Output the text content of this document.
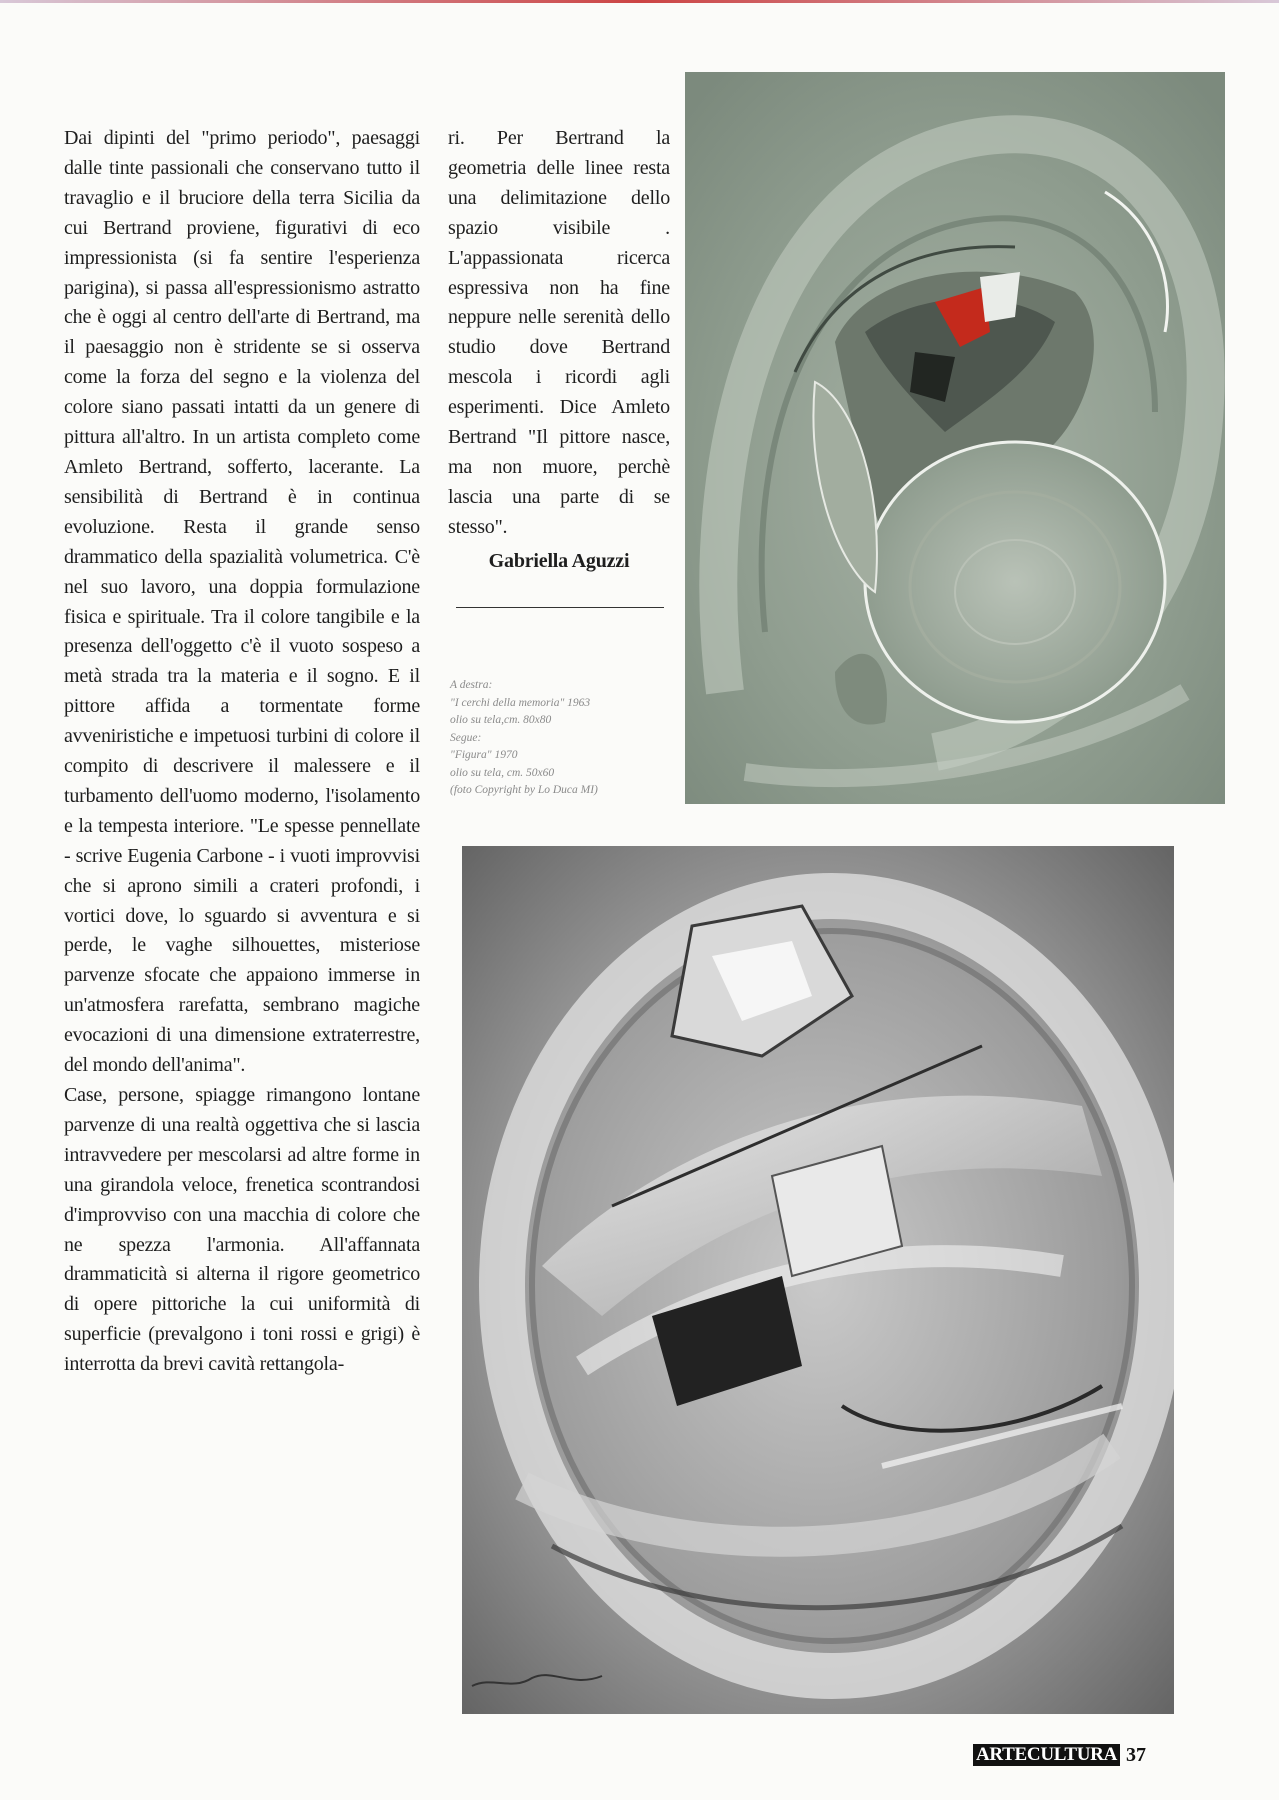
Dai dipinti del "primo periodo", paesaggi dalle tinte passionali che conservano tutto il travaglio e il bruciore della terra Sicilia da cui Bertrand proviene, figurativi di eco impressionista (si fa sentire l'esperienza parigina), si passa all'espressionismo astratto che è oggi al centro dell'arte di Bertrand, ma il paesaggio non è stridente se si osserva come la forza del segno e la violenza del colore siano passati intatti da un genere di pittura all'altro. In un artista completo come Amleto Bertrand, sofferto, lacerante. La sensibilità di Bertrand è in continua evoluzione. Resta il grande senso drammatico della spazialità volumetrica. C'è nel suo lavoro, una doppia formulazione fisica e spirituale. Tra il colore tangibile e la presenza dell'oggetto c'è il vuoto sospeso a metà strada tra la materia e il sogno. E il pittore affida a tormentate forme avveniristiche e impetuosi turbini di colore il compito di descrivere il malessere e il turbamento dell'uomo moderno, l'isolamento e la tempesta interiore. "Le spesse pennellate - scrive Eugenia Carbone - i vuoti improvvisi che si aprono simili a crateri profondi, i vortici dove, lo sguardo si avventura e si perde, le vaghe silhouettes, misteriose parvenze sfocate che appaiono immerse in un'atmosfera rarefatta, sembrano magiche evocazioni di una dimensione extraterrestre, del mondo dell'anima".

Case, persone, spiagge rimangono lontane parvenze di una realtà oggettiva che si lascia intravvedere per mescolarsi ad altre forme in una girandola veloce, frenetica scontrandosi d'improvviso con una macchia di colore che ne spezza l'armonia. All'affannata drammaticità si alterna il rigore geometrico di opere pittoriche la cui uniformità di superficie (prevalgono i toni rossi e grigi) è interrotta da brevi cavità rettangola-

ri. Per Bertrand la geometria delle linee resta una delimitazione dello spazio visibile . L'appassionata ricerca espressiva non ha fine neppure nelle serenità dello studio dove Bertrand mescola i ricordi agli esperimenti. Dice Amleto Bertrand "Il pittore nasce, ma non muore, perchè lascia una parte di se stesso".

Gabriella Aguzzi

A destra:
"I cerchi della memoria" 1963
olio su tela,cm. 80x80
Segue:
"Figura" 1970
olio su tela, cm. 50x60
(foto Copyright by Lo Duca MI)
ARTECULTURA 37
